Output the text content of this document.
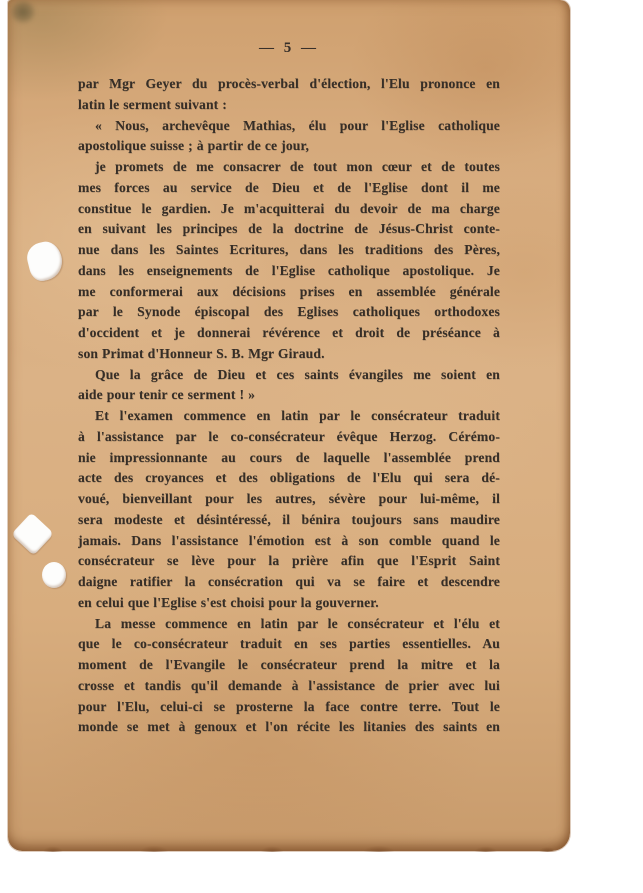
— 5 —
par Mgr Geyer du procès-verbal d'élection, l'Elu prononce en
latin le serment suivant :
« Nous, archevêque Mathias, élu pour l'Eglise catholique
apostolique suisse ; à partir de ce jour,
je promets de me consacrer de tout mon cœur et de toutes
mes forces au service de Dieu et de l'Eglise dont il me
constitue le gardien. Je m'acquitterai du devoir de ma charge
en suivant les principes de la doctrine de Jésus-Christ conte-
nue dans les Saintes Ecritures, dans les traditions des Pères,
dans les enseignements de l'Eglise catholique apostolique. Je
me conformerai aux décisions prises en assemblée générale
par le Synode épiscopal des Eglises catholiques orthodoxes
d'occident et je donnerai révérence et droit de préséance à
son Primat d'Honneur S. B. Mgr Giraud.
Que la grâce de Dieu et ces saints évangiles me soient en
aide pour tenir ce serment ! »
Et l'examen commence en latin par le consécrateur traduit
à l'assistance par le co-consécrateur évêque Herzog. Cérémo-
nie impressionnante au cours de laquelle l'assemblée prend
acte des croyances et des obligations de l'Elu qui sera dé-
voué, bienveillant pour les autres, sévère pour lui-même, il
sera modeste et désintéressé, il bénira toujours sans maudire
jamais. Dans l'assistance l'émotion est à son comble quand le
consécrateur se lève pour la prière afin que l'Esprit Saint
daigne ratifier la consécration qui va se faire et descendre
en celui que l'Eglise s'est choisi pour la gouverner.
La messe commence en latin par le consécrateur et l'élu et
que le co-consécrateur traduit en ses parties essentielles. Au
moment de l'Evangile le consécrateur prend la mitre et la
crosse et tandis qu'il demande à l'assistance de prier avec lui
pour l'Elu, celui-ci se prosterne la face contre terre. Tout le
monde se met à genoux et l'on récite les litanies des saints en
